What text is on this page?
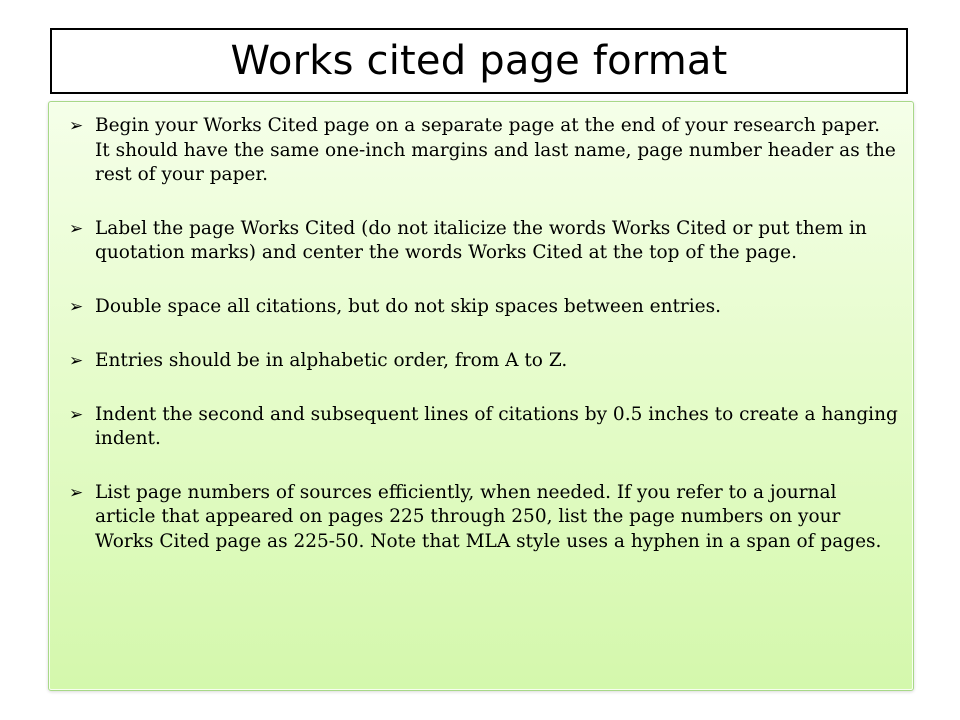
Works cited page format
➢ Begin your Works Cited page on a separate page at the end of your research paper. It should have the same one-inch margins and last name, page number header as the rest of your paper.
➢ Label the page Works Cited (do not italicize the words Works Cited or put them in quotation marks) and center the words Works Cited at the top of the page.
➢ Double space all citations, but do not skip spaces between entries.
➢ Entries should be in alphabetic order, from A to Z.
➢ Indent the second and subsequent lines of citations by 0.5 inches to create a hanging indent.
➢ List page numbers of sources efficiently, when needed. If you refer to a journal article that appeared on pages 225 through 250, list the page numbers on your Works Cited page as 225-50. Note that MLA style uses a hyphen in a span of pages.
